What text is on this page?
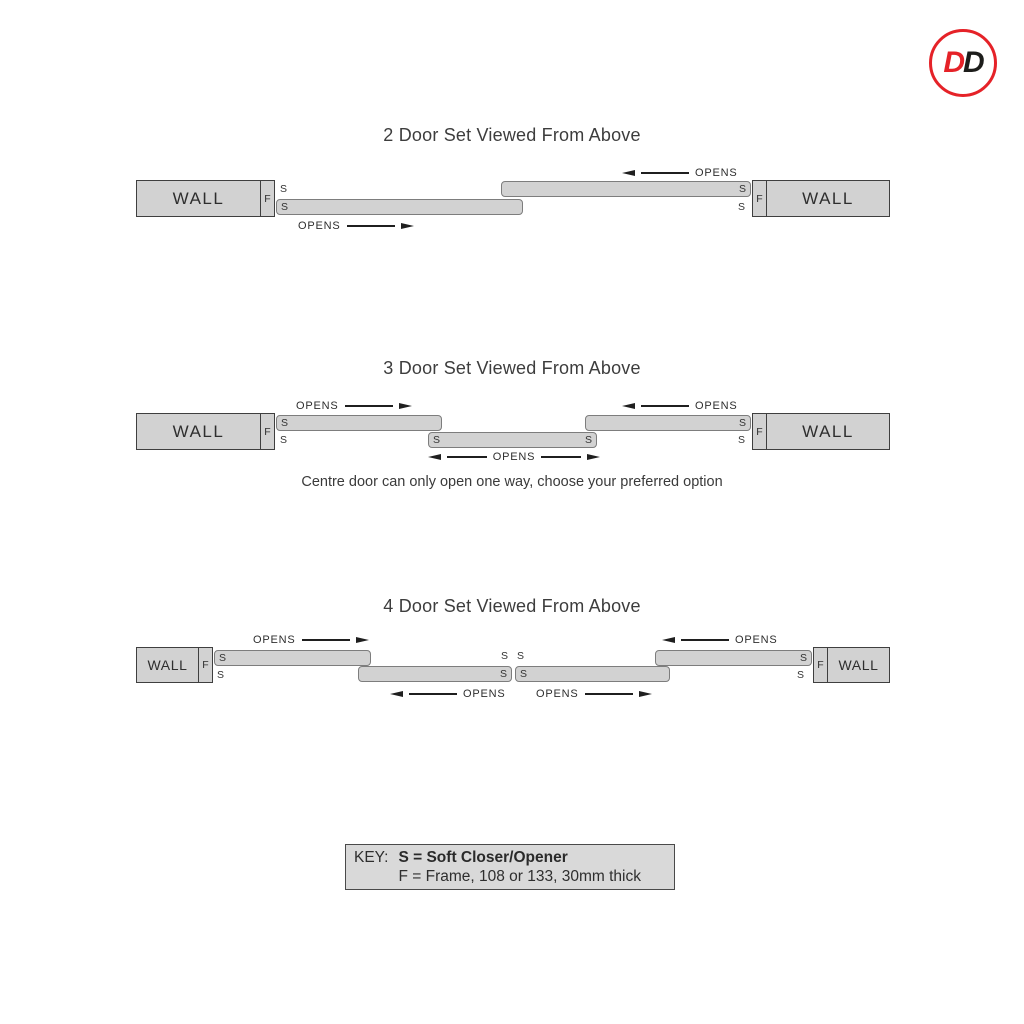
D D
2 Door Set Viewed From Above
OPENS
WALL	F
S	S
S	S
F	WALL
OPENS
3 Door Set Viewed From Above
OPENS	OPENS
WALL	F
S	S
S	S
S	S
F	WALL
OPENS
Centre door can only open one way, choose your preferred option
4 Door Set Viewed From Above
OPENS	OPENS
WALL	F
S	S
S	S
S S
S S
F	WALL
OPENS	OPENS
KEY: S = Soft Closer/Opener
F = Frame, 108 or 133, 30mm thick
